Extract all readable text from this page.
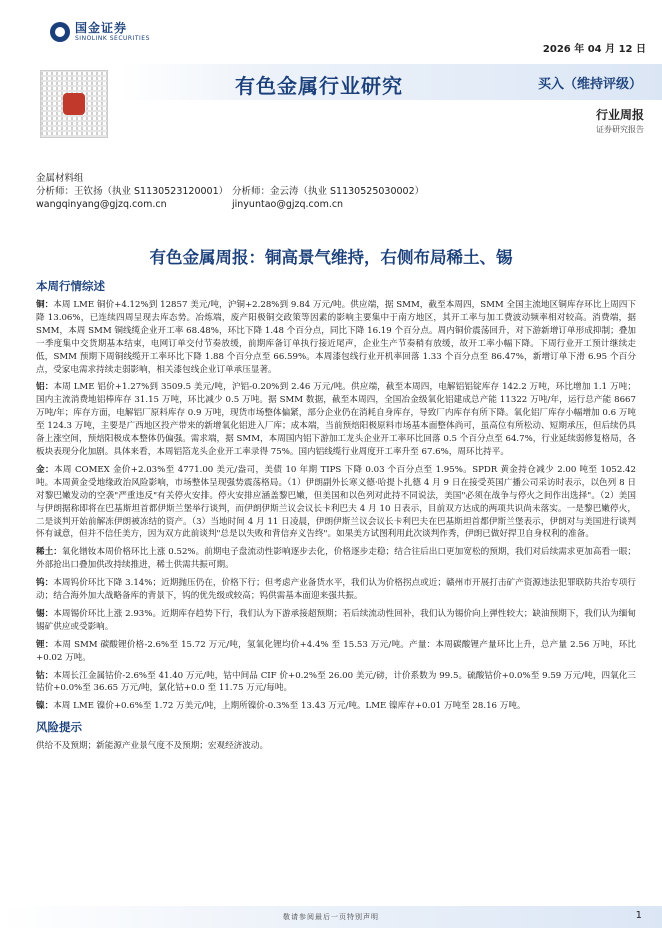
国金证券
SINOLINK SECURITIES
2026 年 04 月 12 日
有色金属行业研究	买入（维持评级）
行业周报
证券研究报告
金属材料组
分析师：王钦扬（执业 S1130523120001） 分析师：金云涛（执业 S1130525030002）
wangqinyang@gjzq.com.cn	jinyuntao@gjzq.com.cn
有色金属周报：铜高景气维持，右侧布局稀土、锡
本周行情综述

铜：本周 LME 铜价+4.12%到 12857 美元/吨，沪铜+2.28%到 9.84 万元/吨。供应端，据 SMM，截至本周四，SMM 全国主流地区铜库存环比上周四下降 13.06%，已连续四周呈现去库态势。冶炼端，废产阳极铜交政策等因素的影响主要集中于南方地区，其开工率与加工费波动频率相对较高。消费端，据 SMM，本周 SMM 铜线缆企业开工率 68.48%，环比下降 1.48 个百分点，同比下降 16.19 个百分点。周内铜价震荡回升，对下游新增订单形成抑制；叠加一季度集中交货期基本结束，电网订单交付节奏放缓，前期库备订单执行接近尾声，企业生产节奏稍有放缓，故开工率小幅下降。下周行业开工预计继续走低，SMM 预期下周铜线缆开工率环比下降 1.88 个百分点至 66.59%。本周漆包线行业开机率回落 1.33 个百分点至 86.47%，新增订单下滑 6.95 个百分点，受家电需求持续走弱影响，相关漆包线企业订单承压显著。

铝：本周 LME 铝价+1.27%到 3509.5 美元/吨，沪铝-0.20%到 2.46 万元/吨。供应端，截至本周四，电解铝铝锭库存 142.2 万吨，环比增加 1.1 万吨；国内主流消费地铝棒库存 31.15 万吨，环比减少 0.5 万吨。据 SMM 数据，截至本周四，全国冶金级氧化铝建成总产能 11322 万吨/年，运行总产能 8667 万吨/年；库存方面，电解铝厂原料库存 0.9 万吨，现货市场整体偏紧，部分企业仍在消耗自身库存，导致厂内库存有所下降。氧化铝厂库存小幅增加 0.6 万吨至 124.3 万吨，主要是广西地区投产带来的新增氧化铝进入厂库；成本端，当前预焙阳极原料市场基本面整体尚可，虽高位有所松动、短期承压，但后续仍具备上涨空间，预焙阳极成本整体仍偏强。需求端，据 SMM，本周国内铝下游加工龙头企业开工率环比回落 0.5 个百分点至 64.7%，行业延续弱修复格局，各板块表现分化加剧。具体来看，本周铝箔龙头企业开工率录得 75%。国内铝线缆行业周度开工率升至 67.6%，周环比持平。

金：本周 COMEX 金价+2.03%至 4771.00 美元/盎司，美债 10 年期 TIPS 下降 0.03 个百分点至 1.95%。SPDR 黄金持仓减少 2.00 吨至 1052.42 吨。本周黄金受地缘政治风险影响，市场整体呈现强势震荡格局。（1）伊朗副外长寒义德·哈提卜扎德 4 月 9 日在接受英国广播公司采访时表示，以色列 8 日对黎巴嫩发动的空袭"严重违反"有关停火安排。停火安排应涵盖黎巴嫩，但美国和以色列对此持不同说法，美国"必须在战争与停火之间作出选择"。（2）美国与伊朗据称即将在巴基斯坦首都伊斯兰堡举行谈判，而伊朗伊斯兰议会议长卡利巴夫 4 月 10 日表示，目前双方达成的两项共识尚未落实。一是黎巴嫩停火，二是谈判开始前解冻伊朗被冻结的资产。（3）当地时间 4 月 11 日凌晨，伊朗伊斯兰议会议长卡利巴夫在巴基斯坦首都伊斯兰堡表示，伊朗对与美国进行谈判怀有诚意，但并不信任美方，因为双方此前谈判"总是以失败和背信弃义告终"。如果美方试图利用此次谈判作秀，伊朗已做好捍卫自身权利的准备。

稀土：氧化镨钕本周价格环比上涨 0.52%。前期电子盘流动性影响逐步去化，价格逐步走稳；结合往后出口更加宽松的预期，我们对后续需求更加高看一眼；外部抢出口叠加供改持续推进，稀土供需共振可期。

钨：本周钨价环比下降 3.14%；近期抛压仍在，价格下行；但考虑产业备货水平，我们认为价格拐点或近；赣州市开展打击矿产资源违法犯罪联防共治专项行动；结合海外加大战略备库的背景下，钨的优先级或较高；钨供需基本面迎来强共振。

锡：本周锡价环比上涨 2.93%。近期库存趋势下行，我们认为下游承接超预期；若后续流动性回补，我们认为锡价向上弹性较大；缺油预期下，我们认为缅甸锡矿供应或受影响。

锂：本周 SMM 碳酸锂价格-2.6%至 15.72 万元/吨，氢氧化锂均价+4.4% 至 15.53 万元/吨。产量：本周碳酸锂产量环比上升，总产量 2.56 万吨，环比+0.02 万吨。

钴：本周长江金属钴价-2.6%至 41.40 万元/吨，钴中间品 CIF 价+0.2%至 26.00 美元/磅，计价系数为 99.5。硫酸钴价+0.0%至 9.59 万元/吨，四氧化三钴价+0.0%至 36.65 万元/吨，氯化钴+0.0 至 11.75 万元/每吨。

镍：本周 LME 镍价+0.6%至 1.72 万美元/吨，上期所镍价-0.3%至 13.43 万元/吨。LME 镍库存+0.01 万吨至 28.16 万吨。

风险提示

供给不及预期；新能源产业景气度不及预期；宏观经济波动。

敬请参阅最后一页特别声明	1
